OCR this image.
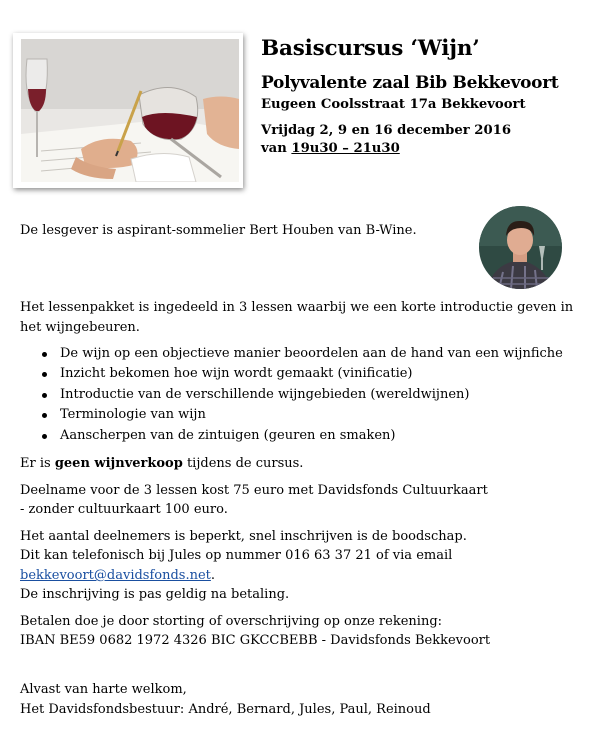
Basiscursus ‘Wijn’
Polyvalente zaal Bib Bekkevoort
Eugeen Coolsstraat 17a Bekkevoort
Vrijdag 2, 9 en 16 december 2016
van 19u30 – 21u30
De lesgever is aspirant-sommelier Bert Houben van B-Wine.
Het lessenpakket is ingedeeld in 3 lessen waarbij we een korte introductie geven in
het wijngebeuren.
De wijn op een objectieve manier beoordelen aan de hand van een wijnfiche
Inzicht bekomen hoe wijn wordt gemaakt (vinificatie)
Introductie van de verschillende wijngebieden (wereldwijnen)
Terminologie van wijn
Aanscherpen van de zintuigen (geuren en smaken)
Er is geen wijnverkoop tijdens de cursus.
Deelname voor de 3 lessen kost 75 euro met Davidsfonds Cultuurkaart
- zonder cultuurkaart 100 euro.
Het aantal deelnemers is beperkt, snel inschrijven is de boodschap.
Dit kan telefonisch bij Jules op nummer 016 63 37 21 of via email
bekkevoort@davidsfonds.net.
De inschrijving is pas geldig na betaling.
Betalen doe je door storting of overschrijving op onze rekening:
IBAN BE59 0682 1972 4326 BIC GKCCBEBB - Davidsfonds Bekkevoort
Alvast van harte welkom,
Het Davidsfondsbestuur: André, Bernard, Jules, Paul, Reinoud
